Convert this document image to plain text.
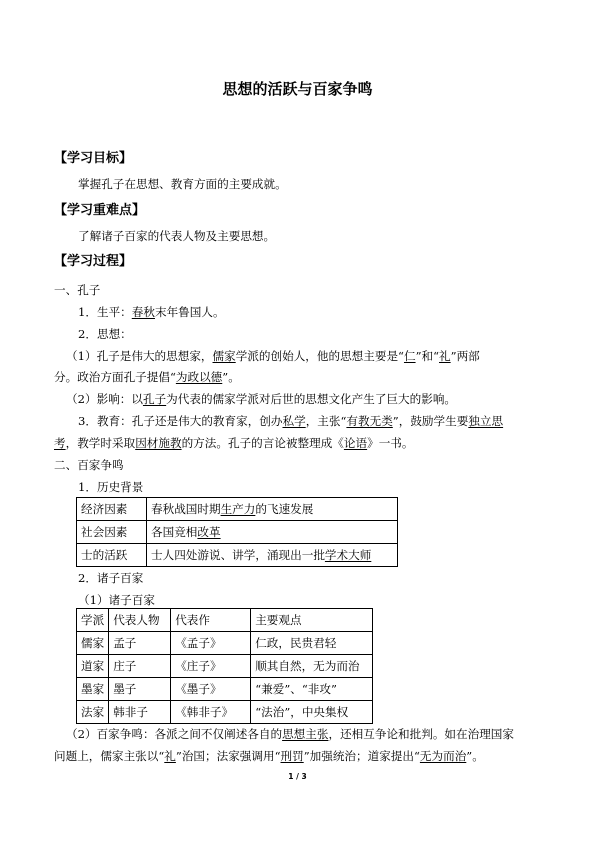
思想的活跃与百家争鸣
【学习目标】
掌握孔子在思想、教育方面的主要成就。
【学习重难点】
了解诸子百家的代表人物及主要思想。
【学习过程】
一、孔子
1．生平：春秋末年鲁国人。
2．思想：
（1）孔子是伟大的思想家，儒家学派的创始人，他的思想主要是“仁”和“礼”两部
分。政治方面孔子提倡“为政以德”。
（2）影响：以孔子为代表的儒家学派对后世的思想文化产生了巨大的影响。
3．教育：孔子还是伟大的教育家，创办私学，主张“有教无类”，鼓励学生要独立思
考，教学时采取因材施教的方法。孔子的言论被整理成《论语》一书。
二、百家争鸣
1．历史背景
经济因素	春秋战国时期生产力的飞速发展
社会因素	各国竞相改革
士的活跃	士人四处游说、讲学，涌现出一批学术大师
2．诸子百家
（1）诸子百家
学派	代表人物	代表作	主要观点
儒家	孟子	《孟子》	仁政，民贵君轻
道家	庄子	《庄子》	顺其自然，无为而治
墨家	墨子	《墨子》	“兼爱”、“非攻”
法家	韩非子	《韩非子》	“法治”，中央集权
（2）百家争鸣：各派之间不仅阐述各自的思想主张，还相互争论和批判。如在治理国家
问题上，儒家主张以“礼”治国；法家强调用“刑罚”加强统治；道家提出“无为而治”。
1 / 3
